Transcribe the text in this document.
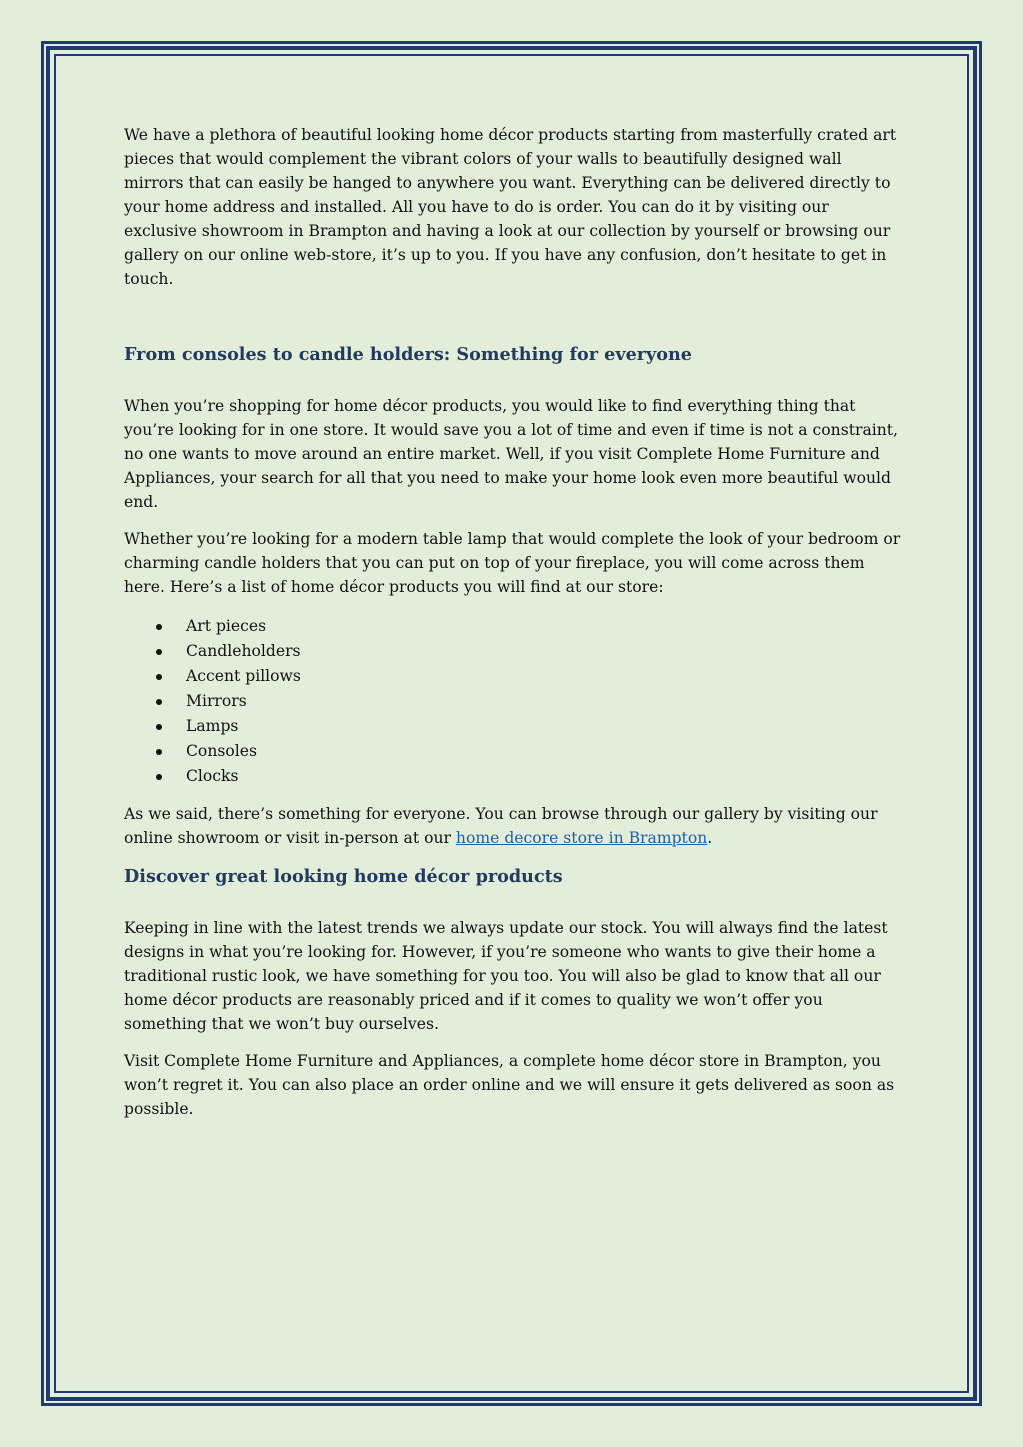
We have a plethora of beautiful looking home décor products starting from masterfully crated art pieces that would complement the vibrant colors of your walls to beautifully designed wall mirrors that can easily be hanged to anywhere you want. Everything can be delivered directly to your home address and installed. All you have to do is order. You can do it by visiting our exclusive showroom in Brampton and having a look at our collection by yourself or browsing our gallery on our online web-store, it’s up to you. If you have any confusion, don’t hesitate to get in touch.

From consoles to candle holders: Something for everyone

When you’re shopping for home décor products, you would like to find everything thing that you’re looking for in one store. It would save you a lot of time and even if time is not a constraint, no one wants to move around an entire market. Well, if you visit Complete Home Furniture and Appliances, your search for all that you need to make your home look even more beautiful would end.

Whether you’re looking for a modern table lamp that would complete the look of your bedroom or charming candle holders that you can put on top of your fireplace, you will come across them here. Here’s a list of home décor products you will find at our store:

Art pieces
Candleholders
Accent pillows
Mirrors
Lamps
Consoles
Clocks

As we said, there’s something for everyone. You can browse through our gallery by visiting our online showroom or visit in-person at our home decore store in Brampton.

Discover great looking home décor products

Keeping in line with the latest trends we always update our stock. You will always find the latest designs in what you’re looking for. However, if you’re someone who wants to give their home a traditional rustic look, we have something for you too. You will also be glad to know that all our home décor products are reasonably priced and if it comes to quality we won’t offer you something that we won’t buy ourselves.

Visit Complete Home Furniture and Appliances, a complete home décor store in Brampton, you won’t regret it. You can also place an order online and we will ensure it gets delivered as soon as possible.
